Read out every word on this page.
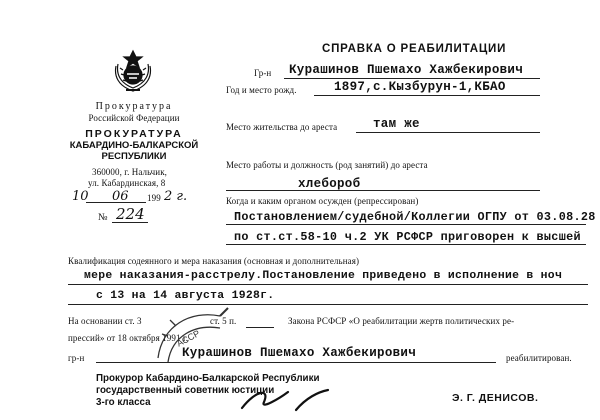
Прокуратура
Российской Федерации
ПРОКУРАТУРА
КАБАРДИНО-БАЛКАРСКОЙ
РЕСПУБЛИКИ
360000, г. Нальчик,
ул. Кабардинская, 8
10 06 199 2 г.
№ 224
СПРАВКА О РЕАБИЛИТАЦИИ
Гр-н Курашинов Пшемахо Хажбекирович
Год и место рожд.	1897,с.Кызбурун-1,КБАО
Место жительства до ареста	там же
Место работы и должность (род занятий) до ареста
хлебороб
Когда и каким органом осужден (репрессирован)
Постановлением/судебной/Коллегии ОГПУ от 03.08.28
по ст.ст.58-10 ч.2 УК РСФСР приговорен к высшей
Квалификация содеянного и мера наказания (основная и дополнительная)
мере наказания-расстрелу.Постановление приведено в исполнение в ноч
с 13 на 14 августа 1928г.
На основании ст. 3	ст. 5 п.	Закона РСФСР «О реабилитации жертв политических ре-
прессий» от 18 октября 1991 г.
гр-н	Курашинов Пшемахо Хажбекирович	реабилитирован.
АССР
Прокурор Кабардино-Балкарской Республики
государственный советник юстиции
3-го класса	Э. Г. ДЕНИСОВ.
